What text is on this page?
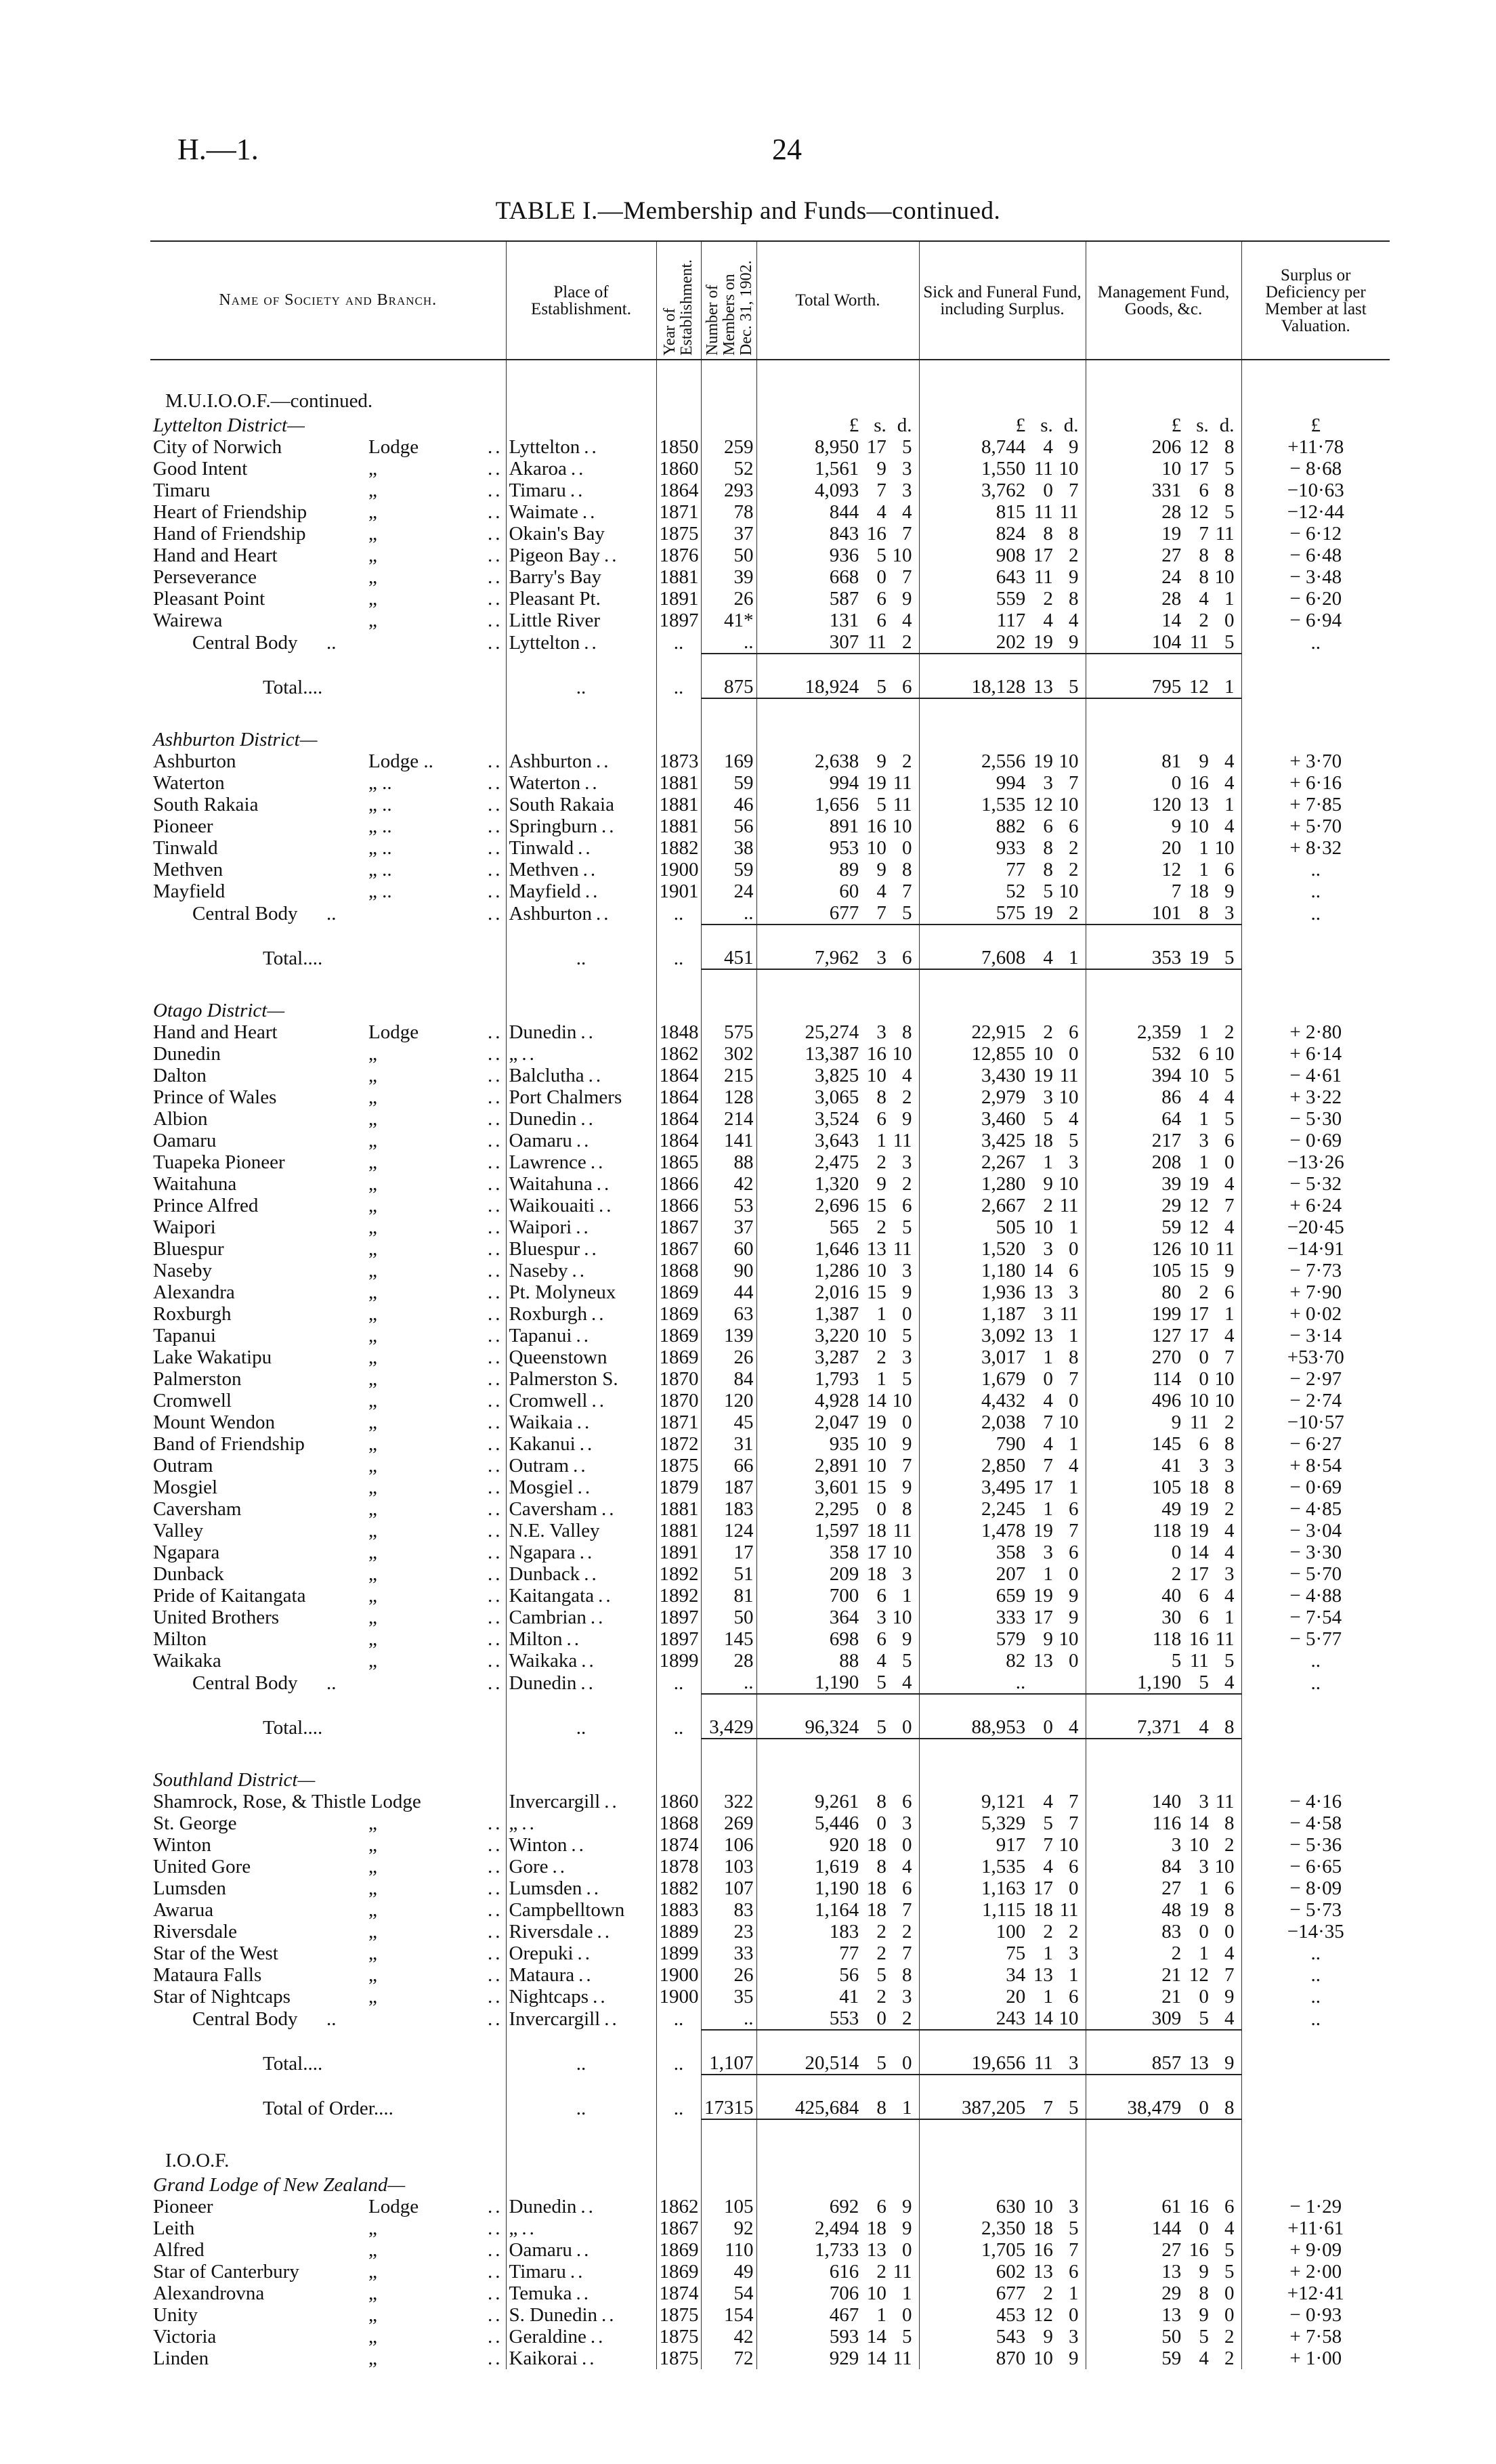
H.—1.	24
TABLE I.—Membership and Funds—continued.
Name of Society and Branch.	Place of Establishment.	Year of Establishment.	Number of Members on Dec. 31, 1902.	Total Worth.	Sick and Funeral Fund, including Surplus.	Management Fund, Goods, &c.	Surplus or Deficiency per Member at last Valuation.

M.U.I.O.O.F.—continued.							
Lyttelton District—				£ s. d.	£ s. d.	£ s. d.	£
City of Norwich Lodge ..	Lyttelton ..	1850	259	8,950 17 5	8,744 4 9	206 12 8	+11·78
Good Intent „ ..	Akaroa ..	1860	52	1,561 9 3	1,550 11 10	10 17 5	− 8·68
Timaru „ ..	Timaru ..	1864	293	4,093 7 3	3,762 0 7	331 6 8	−10·63
Heart of Friendship „ ..	Waimate ..	1871	78	844 4 4	815 11 11	28 12 5	−12·44
Hand of Friendship „ ..	Okain's Bay	1875	37	843 16 7	824 8 8	19 7 11	− 6·12
Hand and Heart „ ..	Pigeon Bay ..	1876	50	936 5 10	908 17 2	27 8 8	− 6·48
Perseverance „ ..	Barry's Bay	1881	39	668 0 7	643 11 9	24 8 10	− 3·48
Pleasant Point „ ..	Pleasant Pt.	1891	26	587 6 9	559 2 8	28 4 1	− 6·20
Wairewa „ ..	Little River	1897	41*	131 6 4	117 4 4	14 2 0	− 6·94
Central Body .. ..	Lyttelton ..	..	..	307 11 2	202 19 9	104 11 5	..
Total....	..	..	875	18,924 5 6	18,128 13 5	795 12 1	

Ashburton District—							
Ashburton Lodge .. ..	Ashburton ..	1873	169	2,638 9 2	2,556 19 10	81 9 4	+ 3·70
Waterton „ .. ..	Waterton ..	1881	59	994 19 11	994 3 7	0 16 4	+ 6·16
South Rakaia „ .. ..	South Rakaia	1881	46	1,656 5 11	1,535 12 10	120 13 1	+ 7·85
Pioneer „ .. ..	Springburn ..	1881	56	891 16 10	882 6 6	9 10 4	+ 5·70
Tinwald „ .. ..	Tinwald ..	1882	38	953 10 0	933 8 2	20 1 10	+ 8·32
Methven „ .. ..	Methven ..	1900	59	89 9 8	77 8 2	12 1 6	..
Mayfield „ .. ..	Mayfield ..	1901	24	60 4 7	52 5 10	7 18 9	..
Central Body .. ..	Ashburton ..	..	..	677 7 5	575 19 2	101 8 3	..
Total....	..	..	451	7,962 3 6	7,608 4 1	353 19 5	

Otago District—							
Hand and Heart Lodge ..	Dunedin ..	1848	575	25,274 3 8	22,915 2 6	2,359 1 2	+ 2·80
Dunedin „ ..	„ ..	1862	302	13,387 16 10	12,855 10 0	532 6 10	+ 6·14
Dalton „ ..	Balclutha ..	1864	215	3,825 10 4	3,430 19 11	394 10 5	− 4·61
Prince of Wales „ ..	Port Chalmers	1864	128	3,065 8 2	2,979 3 10	86 4 4	+ 3·22
Albion „ ..	Dunedin ..	1864	214	3,524 6 9	3,460 5 4	64 1 5	− 5·30
Oamaru „ ..	Oamaru ..	1864	141	3,643 1 11	3,425 18 5	217 3 6	− 0·69
Tuapeka Pioneer „ ..	Lawrence ..	1865	88	2,475 2 3	2,267 1 3	208 1 0	−13·26
Waitahuna „ ..	Waitahuna ..	1866	42	1,320 9 2	1,280 9 10	39 19 4	− 5·32
Prince Alfred „ ..	Waikouaiti ..	1866	53	2,696 15 6	2,667 2 11	29 12 7	+ 6·24
Waipori „ ..	Waipori ..	1867	37	565 2 5	505 10 1	59 12 4	−20·45
Bluespur „ ..	Bluespur ..	1867	60	1,646 13 11	1,520 3 0	126 10 11	−14·91
Naseby „ ..	Naseby ..	1868	90	1,286 10 3	1,180 14 6	105 15 9	− 7·73
Alexandra „ ..	Pt. Molyneux	1869	44	2,016 15 9	1,936 13 3	80 2 6	+ 7·90
Roxburgh „ ..	Roxburgh ..	1869	63	1,387 1 0	1,187 3 11	199 17 1	+ 0·02
Tapanui „ ..	Tapanui ..	1869	139	3,220 10 5	3,092 13 1	127 17 4	− 3·14
Lake Wakatipu „ ..	Queenstown	1869	26	3,287 2 3	3,017 1 8	270 0 7	+53·70
Palmerston „ ..	Palmerston S.	1870	84	1,793 1 5	1,679 0 7	114 0 10	− 2·97
Cromwell „ ..	Cromwell ..	1870	120	4,928 14 10	4,432 4 0	496 10 10	− 2·74
Mount Wendon „ ..	Waikaia ..	1871	45	2,047 19 0	2,038 7 10	9 11 2	−10·57
Band of Friendship „ ..	Kakanui ..	1872	31	935 10 9	790 4 1	145 6 8	− 6·27
Outram „ ..	Outram ..	1875	66	2,891 10 7	2,850 7 4	41 3 3	+ 8·54
Mosgiel „ ..	Mosgiel ..	1879	187	3,601 15 9	3,495 17 1	105 18 8	− 0·69
Caversham „ ..	Caversham ..	1881	183	2,295 0 8	2,245 1 6	49 19 2	− 4·85
Valley „ ..	N.E. Valley	1881	124	1,597 18 11	1,478 19 7	118 19 4	− 3·04
Ngapara „ ..	Ngapara ..	1891	17	358 17 10	358 3 6	0 14 4	− 3·30
Dunback „ ..	Dunback ..	1892	51	209 18 3	207 1 0	2 17 3	− 5·70
Pride of Kaitangata „ ..	Kaitangata ..	1892	81	700 6 1	659 19 9	40 6 4	− 4·88
United Brothers „ ..	Cambrian ..	1897	50	364 3 10	333 17 9	30 6 1	− 7·54
Milton „ ..	Milton ..	1897	145	698 6 9	579 9 10	118 16 11	− 5·77
Waikaka „ ..	Waikaka ..	1899	28	88 4 5	82 13 0	5 11 5	..
Central Body .. ..	Dunedin ..	..	..	1,190 5 4	..	1,190 5 4	..
Total....	..	..	3,429	96,324 5 0	88,953 0 4	7,371 4 8	

Southland District—							
Shamrock, Rose, & Thistle Lodge	Invercargill ..	1860	322	9,261 8 6	9,121 4 7	140 3 11	− 4·16
St. George „ ..	„ ..	1868	269	5,446 0 3	5,329 5 7	116 14 8	− 4·58
Winton „ ..	Winton ..	1874	106	920 18 0	917 7 10	3 10 2	− 5·36
United Gore „ ..	Gore ..	1878	103	1,619 8 4	1,535 4 6	84 3 10	− 6·65
Lumsden „ ..	Lumsden ..	1882	107	1,190 18 6	1,163 17 0	27 1 6	− 8·09
Awarua „ ..	Campbelltown	1883	83	1,164 18 7	1,115 18 11	48 19 8	− 5·73
Riversdale „ ..	Riversdale ..	1889	23	183 2 2	100 2 2	83 0 0	−14·35
Star of the West „ ..	Orepuki ..	1899	33	77 2 7	75 1 3	2 1 4	..
Mataura Falls „ ..	Mataura ..	1900	26	56 5 8	34 13 1	21 12 7	..
Star of Nightcaps „ ..	Nightcaps ..	1900	35	41 2 3	20 1 6	21 0 9	..
Central Body .. ..	Invercargill ..	..	..	553 0 2	243 14 10	309 5 4	..
Total....	..	..	1,107	20,514 5 0	19,656 11 3	857 13 9	

Total of Order....	..	..	17315	425,684 8 1	387,205 7 5	38,479 0 8	

I.O.O.F.							
Grand Lodge of New Zealand—							
Pioneer Lodge ..	Dunedin ..	1862	105	692 6 9	630 10 3	61 16 6	− 1·29
Leith „ ..	„ ..	1867	92	2,494 18 9	2,350 18 5	144 0 4	+11·61
Alfred „ ..	Oamaru ..	1869	110	1,733 13 0	1,705 16 7	27 16 5	+ 9·09
Star of Canterbury „ ..	Timaru ..	1869	49	616 2 11	602 13 6	13 9 5	+ 2·00
Alexandrovna „ ..	Temuka ..	1874	54	706 10 1	677 2 1	29 8 0	+12·41
Unity „ ..	S. Dunedin ..	1875	154	467 1 0	453 12 0	13 9 0	− 0·93
Victoria „ ..	Geraldine ..	1875	42	593 14 5	543 9 3	50 5 2	+ 7·58
Linden „ ..	Kaikorai ..	1875	72	929 14 11	870 10 9	59 4 2	+ 1·00
